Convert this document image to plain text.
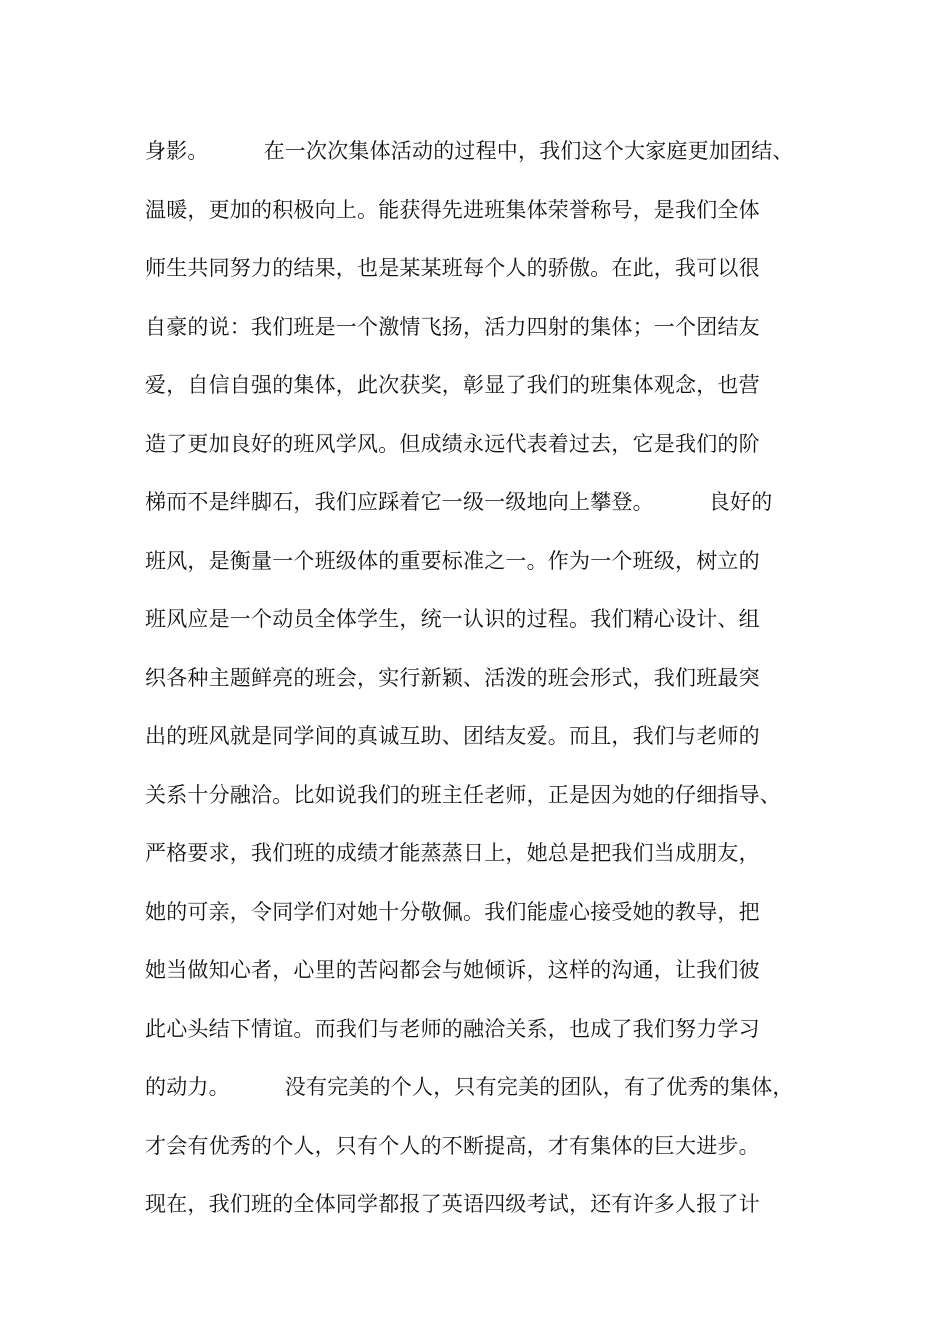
身影。        在一次次集体活动的过程中，我们这个大家庭更加团结、
温暖，更加的积极向上。能获得先进班集体荣誉称号，是我们全体
师生共同努力的结果，也是某某班每个人的骄傲。在此，我可以很
自豪的说：我们班是一个激情飞扬，活力四射的集体；一个团结友
爱，自信自强的集体，此次获奖，彰显了我们的班集体观念，也营
造了更加良好的班风学风。但成绩永远代表着过去，它是我们的阶
梯而不是绊脚石，我们应踩着它一级一级地向上攀登。        良好的
班风，是衡量一个班级体的重要标准之一。作为一个班级，树立的
班风应是一个动员全体学生，统一认识的过程。我们精心设计、组
织各种主题鲜亮的班会，实行新颖、活泼的班会形式，我们班最突
出的班风就是同学间的真诚互助、团结友爱。而且，我们与老师的
关系十分融洽。比如说我们的班主任老师，正是因为她的仔细指导、
严格要求，我们班的成绩才能蒸蒸日上，她总是把我们当成朋友，
她的可亲，令同学们对她十分敬佩。我们能虚心接受她的教导，把
她当做知心者，心里的苦闷都会与她倾诉，这样的沟通，让我们彼
此心头结下情谊。而我们与老师的融洽关系，也成了我们努力学习
的动力。        没有完美的个人，只有完美的团队，有了优秀的集体，
才会有优秀的个人，只有个人的不断提高，才有集体的巨大进步。
现在，我们班的全体同学都报了英语四级考试，还有许多人报了计
